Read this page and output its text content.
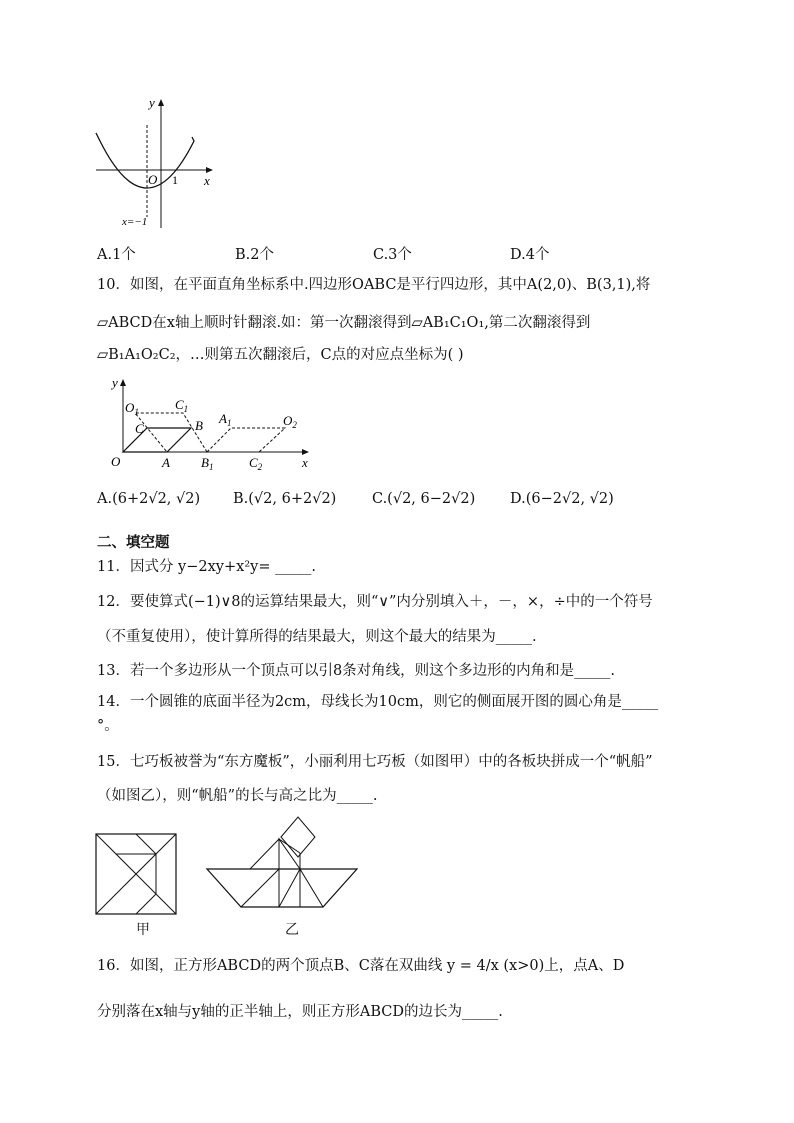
y
x
O 1
x=−1
A.1个	B.2个	C.3个	D.4个
10．如图，在平面直角坐标系中.四边形OABC是平行四边形，其中A(2,0)、B(3,1),将
▱ABCD在x轴上顺时针翻滚.如：第一次翻滚得到▱AB₁C₁O₁,第二次翻滚得到
▱B₁A₁O₂C₂，…则第五次翻滚后，C点的对应点坐标为( )
y
x
O	A
B
C
$O_1$	$C_1$
$A_1$	$O_2$
$B_1$	$C_2$
A.(6+2√2, √2) B.(√2, 6+2√2) C.(√2, 6−2√2) D.(6−2√2, √2)
二、填空题
11．因式分 y−2xy+x²y= _____.
12．要使算式(−1)∨8的运算结果最大，则“∨”内分别填入＋，－，×，÷中的一个符号
（不重复使用），使计算所得的结果最大，则这个最大的结果为_____.
13．若一个多边形从一个顶点可以引8条对角线，则这个多边形的内角和是_____.
14．一个圆锥的底面半径为2cm，母线长为10cm，则它的侧面展开图的圆心角是_____
°。
15．七巧板被誉为“东方魔板”，小丽利用七巧板（如图甲）中的各板块拼成一个“帆船”
（如图乙），则“帆船”的长与高之比为_____.
甲	乙
16．如图，正方形ABCD的两个顶点B、C落在双曲线 y = 4/x (x>0)上，点A、D
分别落在x轴与y轴的正半轴上，则正方形ABCD的边长为_____.
